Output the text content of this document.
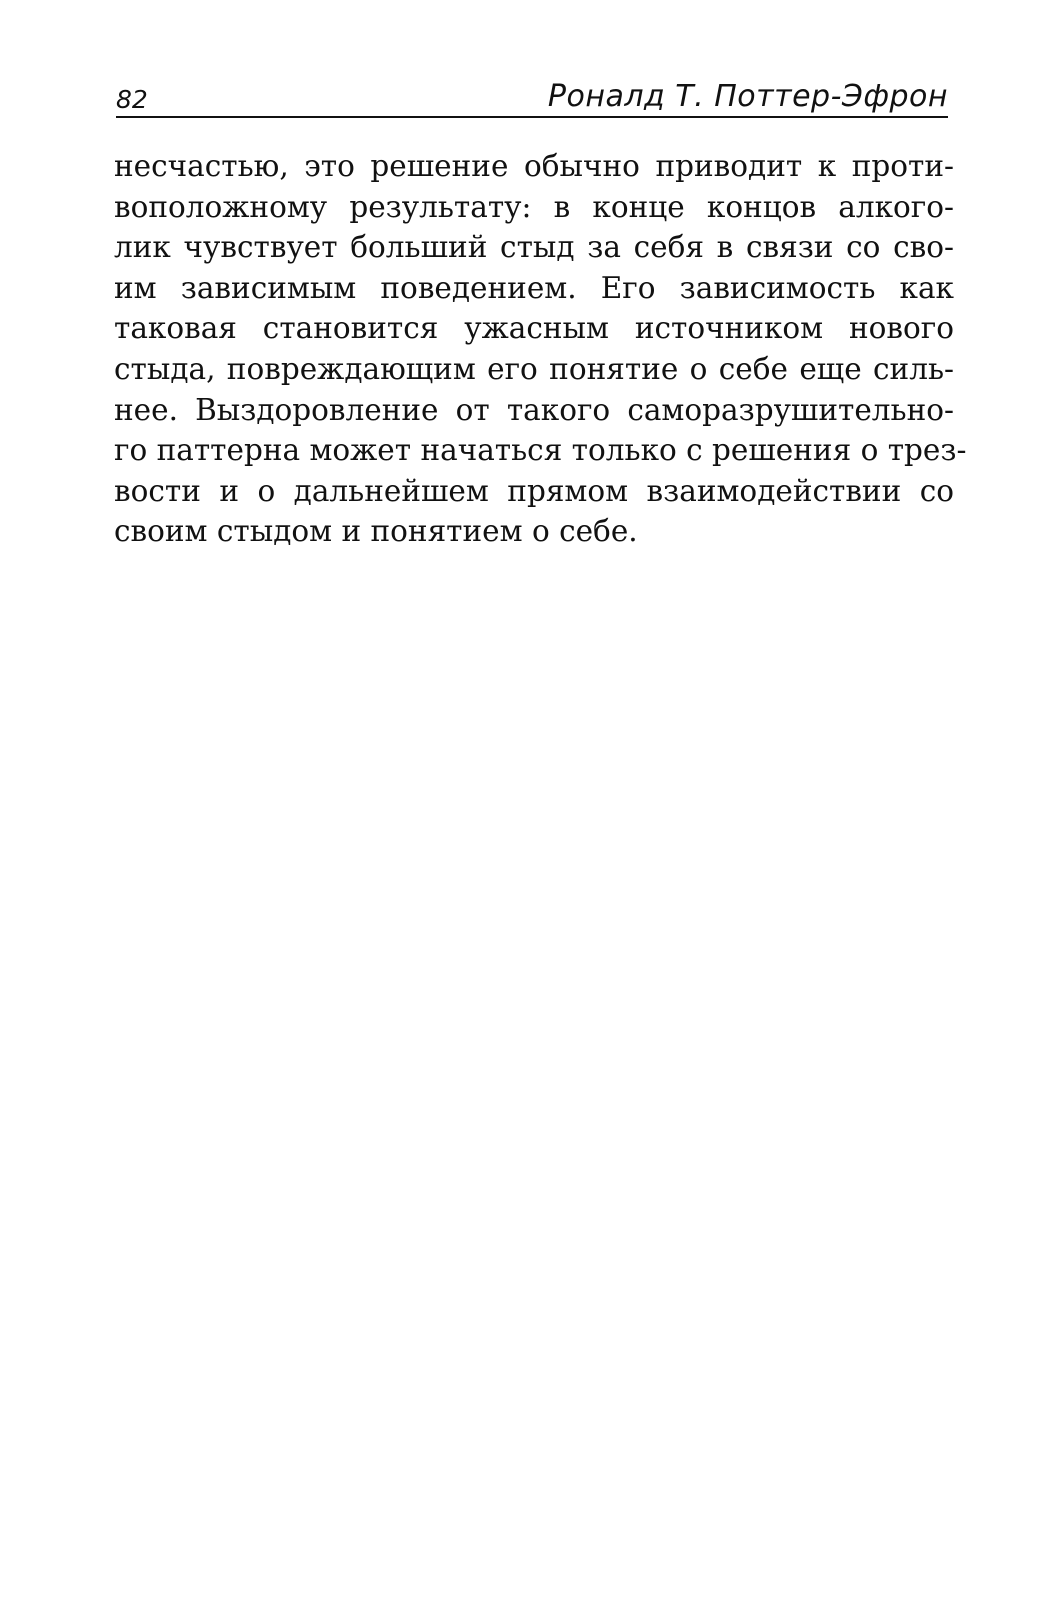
82	Роналд Т. Поттер-Эфрон
несчастью, это решение обычно приводит к проти-
воположному результату: в конце концов алкого-
лик чувствует больший стыд за себя в связи со сво-
им зависимым поведением. Его зависимость как
таковая становится ужасным источником нового
стыда, повреждающим его понятие о себе еще силь-
нее. Выздоровление от такого саморазрушительно-
го паттерна может начаться только с решения о трез-
вости и о дальнейшем прямом взаимодействии со
своим стыдом и понятием о себе.
